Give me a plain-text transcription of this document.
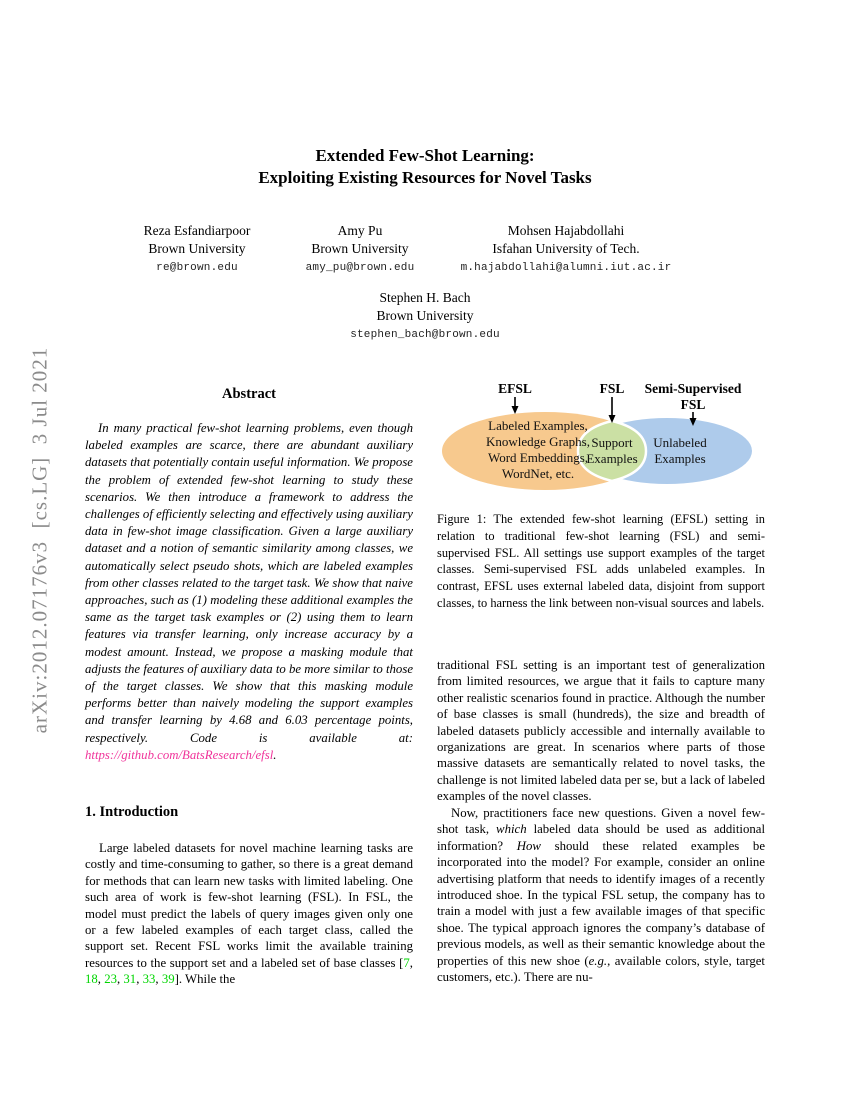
arXiv:2012.07176v3  [cs.LG]  3 Jul 2021
Extended Few-Shot Learning:
Exploiting Existing Resources for Novel Tasks
Reza Esfandiarpoor
Brown University
re@brown.edu
Amy Pu
Brown University
amy_pu@brown.edu
Mohsen Hajabdollahi
Isfahan University of Tech.
m.hajabdollahi@alumni.iut.ac.ir
Stephen H. Bach
Brown University
stephen_bach@brown.edu
Abstract
In many practical few-shot learning problems, even though labeled examples are scarce, there are abundant auxiliary datasets that potentially contain useful information. We propose the problem of extended few-shot learning to study these scenarios. We then introduce a framework to address the challenges of efficiently selecting and effectively using auxiliary data in few-shot image classification. Given a large auxiliary dataset and a notion of semantic similarity among classes, we automatically select pseudo shots, which are labeled examples from other classes related to the target task. We show that naive approaches, such as (1) modeling these additional examples the same as the target task examples or (2) using them to learn features via transfer learning, only increase accuracy by a modest amount. Instead, we propose a masking module that adjusts the features of auxiliary data to be more similar to those of the target classes. We show that this masking module performs better than naively modeling the support examples and transfer learning by 4.68 and 6.03 percentage points, respectively. Code is available at: https://github.com/BatsResearch/efsl.
1. Introduction
Large labeled datasets for novel machine learning tasks are costly and time-consuming to gather, so there is a great demand for methods that can learn new tasks with limited labeling. One such area of work is few-shot learning (FSL). In FSL, the model must predict the labels of query images given only one or a few labeled examples of each target class, called the support set. Recent FSL works limit the available training resources to the support set and a labeled set of base classes [7, 18, 23, 31, 33, 39]. While the
EFSL	FSL Semi-Supervised
FSL
Labeled Examples,
Knowledge Graphs,
Word Embeddings,
WordNet, etc.
Support
Examples
Unlabeled
Examples
Figure 1: The extended few-shot learning (EFSL) setting in relation to traditional few-shot learning (FSL) and semi-supervised FSL. All settings use support examples of the target classes. Semi-supervised FSL adds unlabeled examples. In contrast, EFSL uses external labeled data, disjoint from support classes, to harness the link between non-visual sources and labels.
traditional FSL setting is an important test of generalization from limited resources, we argue that it fails to capture many other realistic scenarios found in practice. Although the number of base classes is small (hundreds), the size and breadth of labeled datasets publicly accessible and internally available to organizations are great. In scenarios where parts of those massive datasets are semantically related to novel tasks, the challenge is not limited labeled data per se, but a lack of labeled examples of the novel classes.
Now, practitioners face new questions. Given a novel few-shot task, which labeled data should be used as additional information? How should these related examples be incorporated into the model? For example, consider an online advertising platform that needs to identify images of a recently introduced shoe. In the typical FSL setup, the company has to train a model with just a few available images of that specific shoe. The typical approach ignores the company’s database of previous models, as well as their semantic knowledge about the properties of this new shoe (e.g., available colors, style, target customers, etc.). There are nu-
